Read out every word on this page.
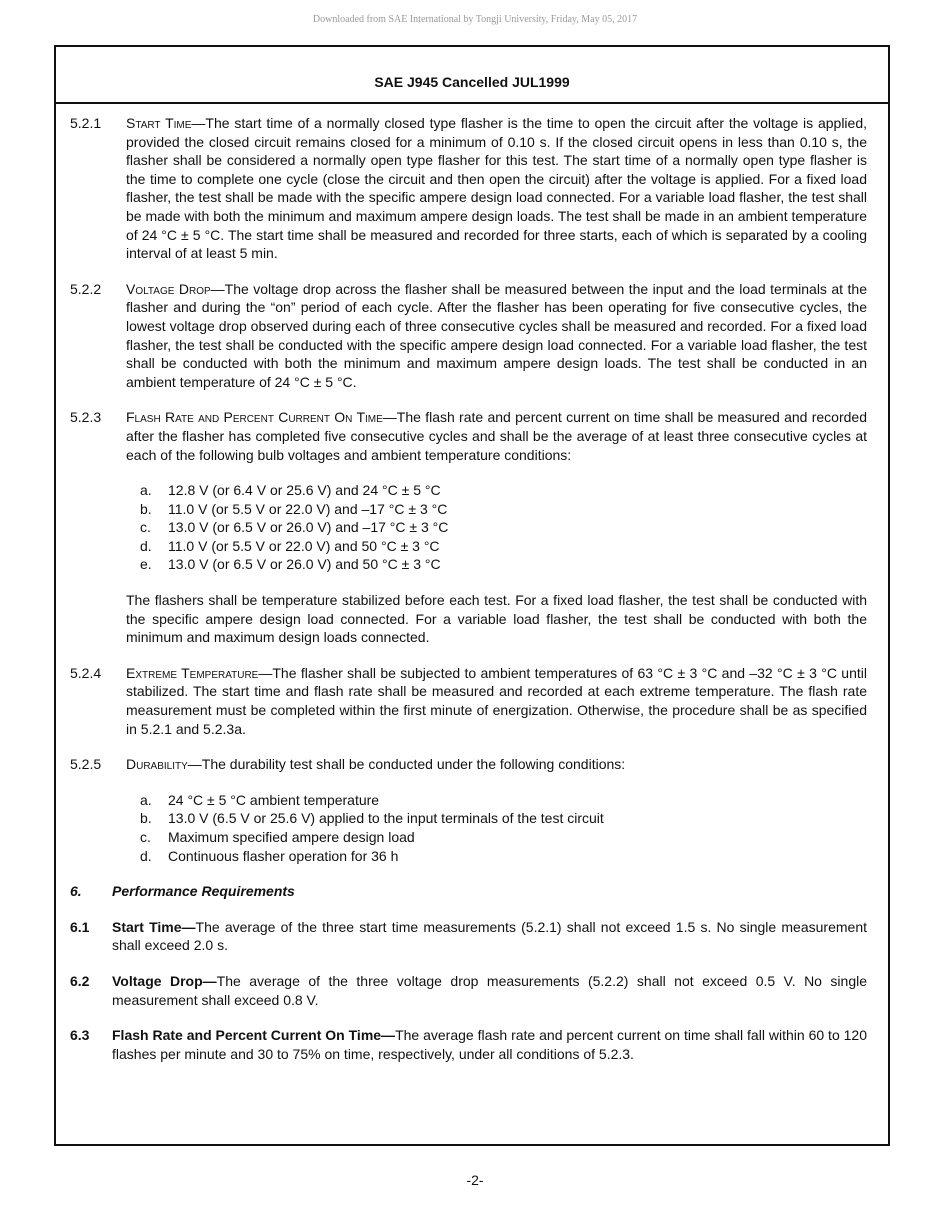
Downloaded from SAE International by Tongji University, Friday, May 05, 2017
SAE J945 Cancelled JUL1999
5.2.1	Start Time—The start time of a normally closed type flasher is the time to open the circuit after the voltage is applied, provided the closed circuit remains closed for a minimum of 0.10 s. If the closed circuit opens in less than 0.10 s, the flasher shall be considered a normally open type flasher for this test. The start time of a normally open type flasher is the time to complete one cycle (close the circuit and then open the circuit) after the voltage is applied. For a fixed load flasher, the test shall be made with the specific ampere design load connected. For a variable load flasher, the test shall be made with both the minimum and maximum ampere design loads. The test shall be made in an ambient temperature of 24 °C ± 5 °C. The start time shall be measured and recorded for three starts, each of which is separated by a cooling interval of at least 5 min.
5.2.2	Voltage Drop—The voltage drop across the flasher shall be measured between the input and the load terminals at the flasher and during the “on” period of each cycle. After the flasher has been operating for five consecutive cycles, the lowest voltage drop observed during each of three consecutive cycles shall be measured and recorded. For a fixed load flasher, the test shall be conducted with the specific ampere design load connected. For a variable load flasher, the test shall be conducted with both the minimum and maximum ampere design loads. The test shall be conducted in an ambient temperature of 24 °C ± 5 °C.
5.2.3	Flash Rate and Percent Current On Time—The flash rate and percent current on time shall be measured and recorded after the flasher has completed five consecutive cycles and shall be the average of at least three consecutive cycles at each of the following bulb voltages and ambient temperature conditions:
a.	12.8 V (or 6.4 V or 25.6 V) and 24 °C ± 5 °C
b.	11.0 V (or 5.5 V or 22.0 V) and –17 °C ± 3 °C
c.	13.0 V (or 6.5 V or 26.0 V) and –17 °C ± 3 °C
d.	11.0 V (or 5.5 V or 22.0 V) and 50 °C ± 3 °C
e.	13.0 V (or 6.5 V or 26.0 V) and 50 °C ± 3 °C
The flashers shall be temperature stabilized before each test. For a fixed load flasher, the test shall be conducted with the specific ampere design load connected. For a variable load flasher, the test shall be conducted with both the minimum and maximum design loads connected.
5.2.4	Extreme Temperature—The flasher shall be subjected to ambient temperatures of 63 °C ± 3 °C and –32 °C ± 3 °C until stabilized. The start time and flash rate shall be measured and recorded at each extreme temperature. The flash rate measurement must be completed within the first minute of energization. Otherwise, the procedure shall be as specified in 5.2.1 and 5.2.3a.
5.2.5	Durability—The durability test shall be conducted under the following conditions:
a.	24 °C ± 5 °C ambient temperature
b.	13.0 V (6.5 V or 25.6 V) applied to the input terminals of the test circuit
c.	Maximum specified ampere design load
d.	Continuous flasher operation for 36 h
6.	Performance Requirements
6.1	Start Time—The average of the three start time measurements (5.2.1) shall not exceed 1.5 s. No single measurement shall exceed 2.0 s.
6.2	Voltage Drop—The average of the three voltage drop measurements (5.2.2) shall not exceed 0.5 V. No single measurement shall exceed 0.8 V.
6.3	Flash Rate and Percent Current On Time—The average flash rate and percent current on time shall fall within 60 to 120 flashes per minute and 30 to 75% on time, respectively, under all conditions of 5.2.3.
-2-
